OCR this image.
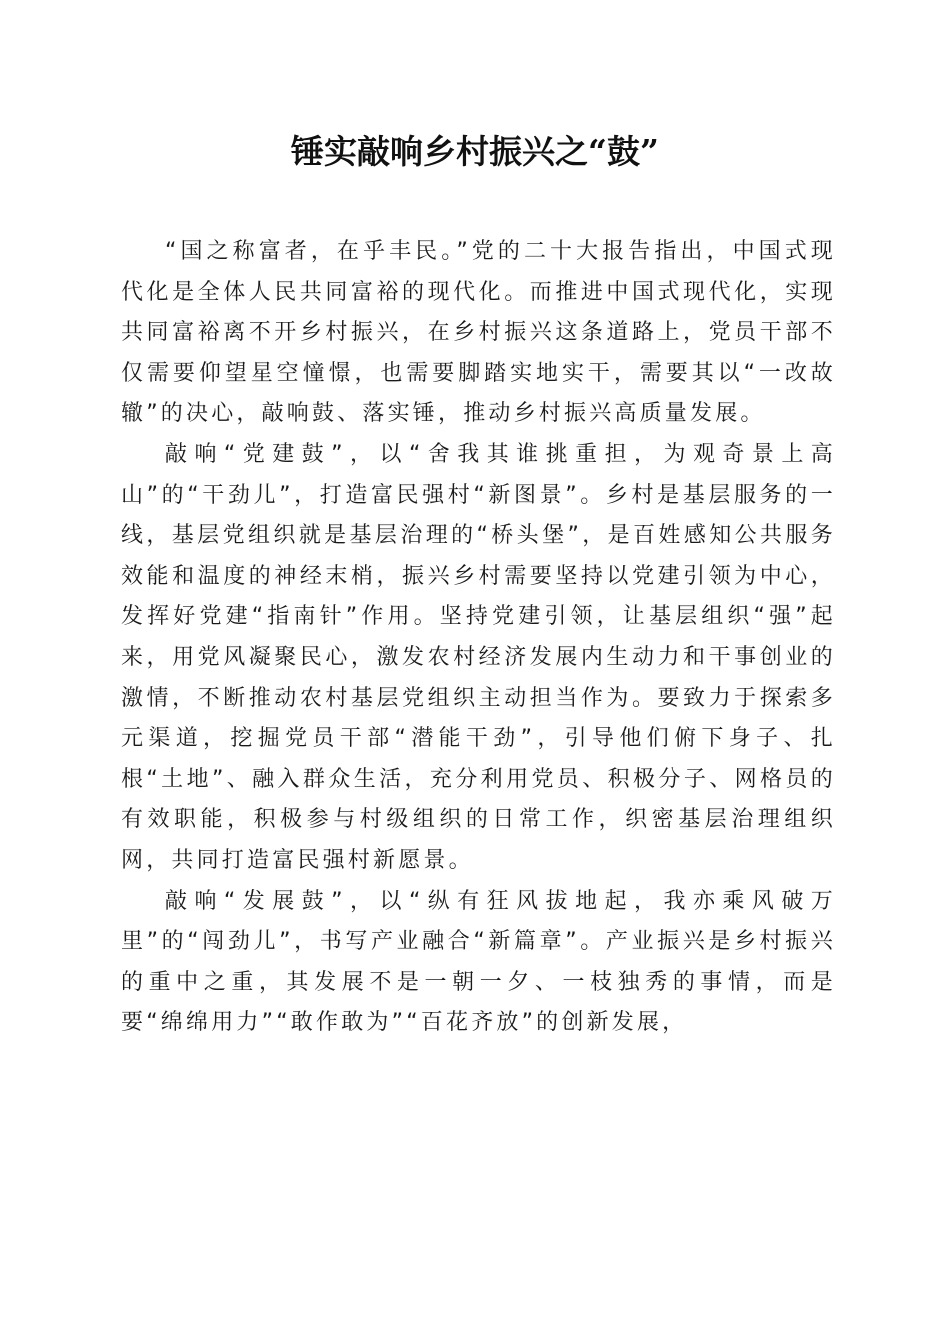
锤实敲响乡村振兴之“鼓”

“国之称富者，在乎丰民。”党的二十大报告指出，中国式现代化是全体人民共同富裕的现代化。而推进中国式现代化，实现共同富裕离不开乡村振兴，在乡村振兴这条道路上，党员干部不仅需要仰望星空憧憬，也需要脚踏实地实干，需要其以“一改故辙”的决心，敲响鼓、落实锤，推动乡村振兴高质量发展。

敲响“党建鼓”，以“舍我其谁挑重担，为观奇景上高山”的“干劲儿”，打造富民强村“新图景”。乡村是基层服务的一线，基层党组织就是基层治理的“桥头堡”，是百姓感知公共服务效能和温度的神经末梢，振兴乡村需要坚持以党建引领为中心，发挥好党建“指南针”作用。坚持党建引领，让基层组织“强”起来，用党风凝聚民心，激发农村经济发展内生动力和干事创业的激情，不断推动农村基层党组织主动担当作为。要致力于探索多元渠道，挖掘党员干部“潜能干劲”，引导他们俯下身子、扎根“土地”、融入群众生活，充分利用党员、积极分子、网格员的有效职能，积极参与村级组织的日常工作，织密基层治理组织网，共同打造富民强村新愿景。

敲响“发展鼓”，以“纵有狂风拔地起，我亦乘风破万里”的“闯劲儿”，书写产业融合“新篇章”。产业振兴是乡村振兴的重中之重，其发展不是一朝一夕、一枝独秀的事情，而是要“绵绵用力”“敢作敢为”“百花齐放”的创新发展，
